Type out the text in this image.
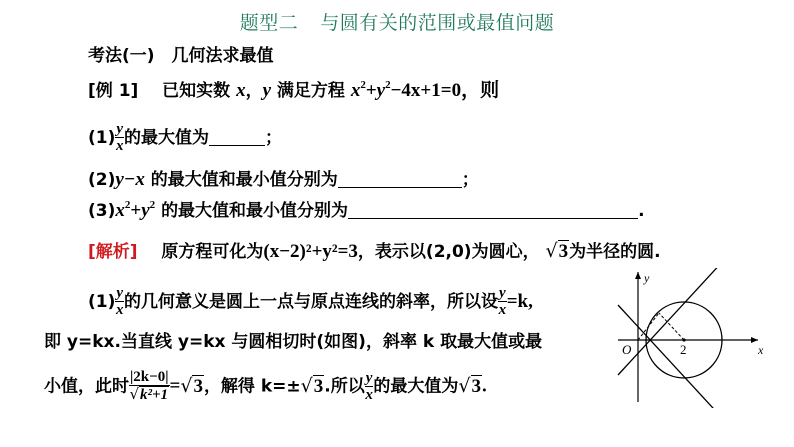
题型二 与圆有关的范围或最值问题
考法(一)　几何法求最值
[例 1] 已知实数 x，y 满足方程 $x^2+y^2-4x+1=0$，则
$(1) \frac{y}{x}$ 的最大值为	；
(2)y−x 的最大值和最小值分别为	；
$(3)x^2+y^2$ 的最大值和最小值分别为	.
[解析] 原方程可化为(x−2)²+y²=3，表示以(2,0)为圆心， √3为半径的圆.
$(1) \frac{y}{x}$ 的几何意义是圆上一点与原点连线的斜率，所以设 $\frac{y}{x} =k$,
即 y=kx.当直线 y=kx 与圆相切时(如图)，斜率 k 取最大值或最
小值，此时 $\frac{|2k-0|}{\text{√k²+1}} =√3$，解得 k=±√3.所以 $\frac{y}{x}$ 的最大值为√3.
y
x
O	2
